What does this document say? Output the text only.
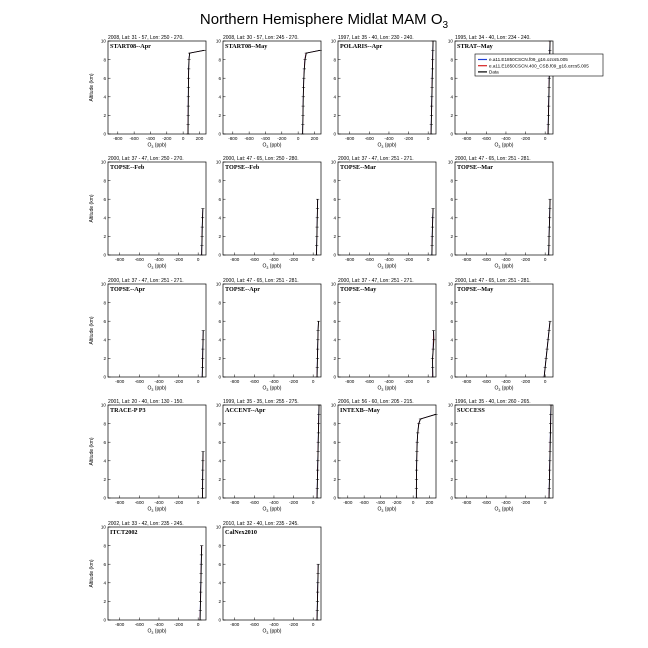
Northern Hemisphere Midlat MAM $O_3$
2008, Lat: 31 - 57, Lon: 250 - 270.
START08--Apr
-800 -600 -400 -200 0 200
$O_3$ (ppb)
0
2
4
6
8
10
Altitude (km)
2008, Lat: 30 - 57, Lon: 245 - 270.
START08--May
-800 -600 -400 -200 0 200
$O_3$ (ppb)
0
2
4
6
8
10
1997, Lat: 35 - 40, Lon: 230 - 240.
POLARIS--Apr
-800 -600 -400 -200	0
$O_3$ (ppb)
0
2
4
6
8
10
1995, Lat: 34 - 40, Lon: 234 - 240.
STRAT--May
-800 -600 -400 -200	0
$O_3$ (ppb)
0
2
4
6
8
10
e.a11.E1850CSCN.f09_g16.ozcs5.005
e.a11.E1850CSCN.400_CSB.f09_g16.ozcs5.005
Data
2000, Lat: 37 - 47, Lon: 250 - 270.
TOPSE--Feb
-800 -600 -400 -200	0
$O_3$ (ppb)
0
2
4
6
8
10
Altitude (km)
2000, Lat: 47 - 65, Lon: 250 - 280.
TOPSE--Feb
-800 -600 -400 -200	0
$O_3$ (ppb)
0
2
4
6
8
10
2000, Lat: 37 - 47, Lon: 251 - 271.
TOPSE--Mar
-800 -600 -400 -200	0
$O_3$ (ppb)
0
2
4
6
8
10
2000, Lat: 47 - 65, Lon: 251 - 281.
TOPSE--Mar
-800 -600 -400 -200	0
$O_3$ (ppb)
0
2
4
6
8
10
2000, Lat: 37 - 47, Lon: 251 - 271.
TOPSE--Apr
-800 -600 -400 -200	0
$O_3$ (ppb)
0
2
4
6
8
10
Altitude (km)
2000, Lat: 47 - 65, Lon: 251 - 281.
TOPSE--Apr
-800 -600 -400 -200	0
$O_3$ (ppb)
0
2
4
6
8
10
2000, Lat: 37 - 47, Lon: 251 - 271.
TOPSE--May
-800 -600 -400 -200	0
$O_3$ (ppb)
0
2
4
6
8
10
2000, Lat: 47 - 65, Lon: 251 - 281.
TOPSE--May
-800 -600 -400 -200	0
$O_3$ (ppb)
0
2
4
6
8
10
2001, Lat: 20 - 40, Lon: 130 - 150.
TRACE-P P3
-800 -600 -400 -200	0
$O_3$ (ppb)
0
2
4
6
8
10
Altitude (km)
1999, Lat: 35 - 35, Lon: 255 - 275.
ACCENT--Apr
-800 -600 -400 -200	0
$O_3$ (ppb)
0
2
4
6
8
10
2006, Lat: 56 - 60, Lon: 205 - 215.
INTEXB--May
-800 -600 -400 -200 0 200
$O_3$ (ppb)
0
2
4
6
8
10
1996, Lat: 35 - 40, Lon: 260 - 265.
SUCCESS
-800 -600 -400 -200	0
$O_3$ (ppb)
0
2
4
6
8
10
2002, Lat: 33 - 42, Lon: 235 - 245.
ITCT2002
-800 -600 -400 -200	0
$O_3$ (ppb)
0
2
4
6
8
10
Altitude (km)
2010, Lat: 32 - 40, Lon: 235 - 245.
CalNex2010
-800 -600 -400 -200	0
$O_3$ (ppb)
0
2
4
6
8
10
